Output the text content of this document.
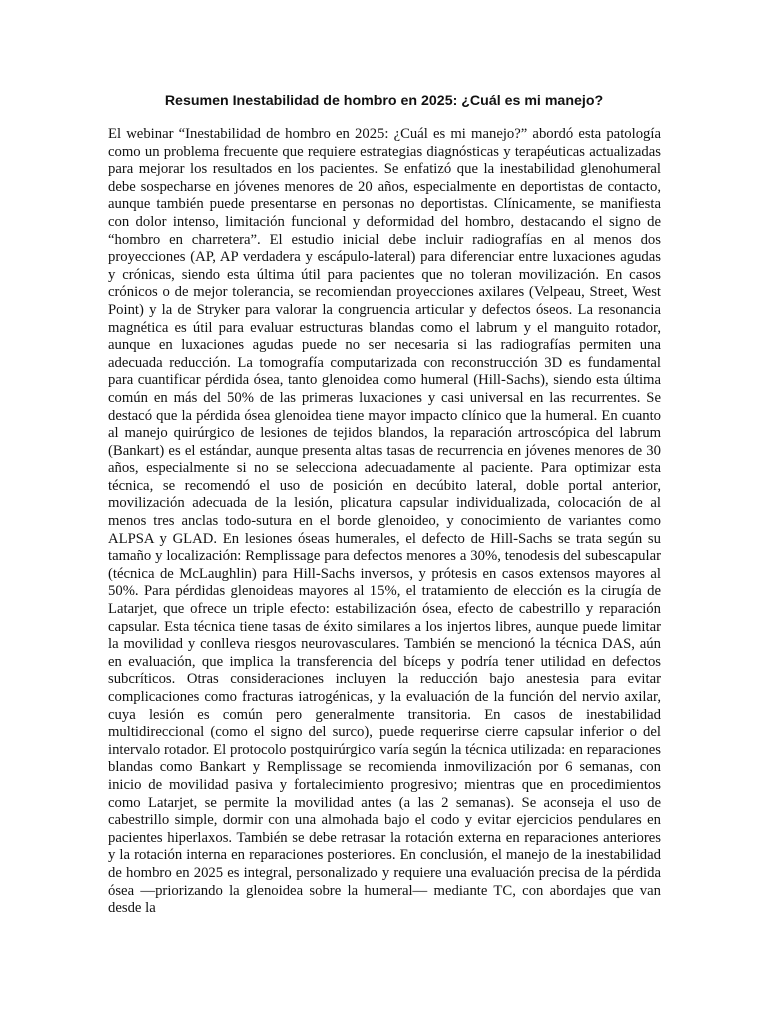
Resumen Inestabilidad de hombro en 2025: ¿Cuál es mi manejo?

El webinar “Inestabilidad de hombro en 2025: ¿Cuál es mi manejo?” abordó esta patología como un problema frecuente que requiere estrategias diagnósticas y terapéuticas actualizadas para mejorar los resultados en los pacientes. Se enfatizó que la inestabilidad glenohumeral debe sospecharse en jóvenes menores de 20 años, especialmente en deportistas de contacto, aunque también puede presentarse en personas no deportistas. Clínicamente, se manifiesta con dolor intenso, limitación funcional y deformidad del hombro, destacando el signo de “hombro en charretera”. El estudio inicial debe incluir radiografías en al menos dos proyecciones (AP, AP verdadera y escápulo-lateral) para diferenciar entre luxaciones agudas y crónicas, siendo esta última útil para pacientes que no toleran movilización. En casos crónicos o de mejor tolerancia, se recomiendan proyecciones axilares (Velpeau, Street, West Point) y la de Stryker para valorar la congruencia articular y defectos óseos. La resonancia magnética es útil para evaluar estructuras blandas como el labrum y el manguito rotador, aunque en luxaciones agudas puede no ser necesaria si las radiografías permiten una adecuada reducción. La tomografía computarizada con reconstrucción 3D es fundamental para cuantificar pérdida ósea, tanto glenoidea como humeral (Hill-Sachs), siendo esta última común en más del 50% de las primeras luxaciones y casi universal en las recurrentes. Se destacó que la pérdida ósea glenoidea tiene mayor impacto clínico que la humeral. En cuanto al manejo quirúrgico de lesiones de tejidos blandos, la reparación artroscópica del labrum (Bankart) es el estándar, aunque presenta altas tasas de recurrencia en jóvenes menores de 30 años, especialmente si no se selecciona adecuadamente al paciente. Para optimizar esta técnica, se recomendó el uso de posición en decúbito lateral, doble portal anterior, movilización adecuada de la lesión, plicatura capsular individualizada, colocación de al menos tres anclas todo-sutura en el borde glenoideo, y conocimiento de variantes como ALPSA y GLAD. En lesiones óseas humerales, el defecto de Hill-Sachs se trata según su tamaño y localización: Remplissage para defectos menores a 30%, tenodesis del subescapular (técnica de McLaughlin) para Hill-Sachs inversos, y prótesis en casos extensos mayores al 50%. Para pérdidas glenoideas mayores al 15%, el tratamiento de elección es la cirugía de Latarjet, que ofrece un triple efecto: estabilización ósea, efecto de cabestrillo y reparación capsular. Esta técnica tiene tasas de éxito similares a los injertos libres, aunque puede limitar la movilidad y conlleva riesgos neurovasculares. También se mencionó la técnica DAS, aún en evaluación, que implica la transferencia del bíceps y podría tener utilidad en defectos subcríticos. Otras consideraciones incluyen la reducción bajo anestesia para evitar complicaciones como fracturas iatrogénicas, y la evaluación de la función del nervio axilar, cuya lesión es común pero generalmente transitoria. En casos de inestabilidad multidireccional (como el signo del surco), puede requerirse cierre capsular inferior o del intervalo rotador. El protocolo postquirúrgico varía según la técnica utilizada: en reparaciones blandas como Bankart y Remplissage se recomienda inmovilización por 6 semanas, con inicio de movilidad pasiva y fortalecimiento progresivo; mientras que en procedimientos como Latarjet, se permite la movilidad antes (a las 2 semanas). Se aconseja el uso de cabestrillo simple, dormir con una almohada bajo el codo y evitar ejercicios pendulares en pacientes hiperlaxos. También se debe retrasar la rotación externa en reparaciones anteriores y la rotación interna en reparaciones posteriores. En conclusión, el manejo de la inestabilidad de hombro en 2025 es integral, personalizado y requiere una evaluación precisa de la pérdida ósea —priorizando la glenoidea sobre la humeral— mediante TC, con abordajes que van desde la
